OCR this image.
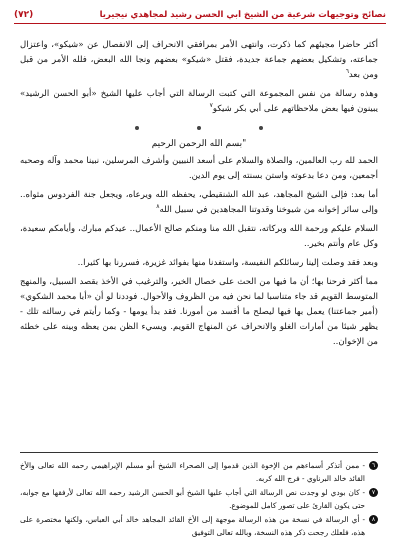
نصائح وتوجيهات شرعية من الشيخ أبي الحسن رشيد لمجاهدي نيجيريا
(٧٢)

أكثر حاضرا مجيئهم كما ذكرت، وانتهى الأمر بمرافقي الانحراف إلى الانفصال عن «شيكو»، واعتزال جماعته، وتشكيل بعضهم جماعة جديدة، فقتل «شيكو» بعضهم ونجا الله البعض، فلله الأمر من قبل ومن بعد٦

وهذه رسالة من نفس المجموعة التي كتبت الرسالة التي أجاب عليها الشيخ «أبو الحسن الرشيد» يبينون فيها بعض ملاحظاتهم على أبي بكر شيكو٧

"بسم الله الرحمن الرحيم

الحمد لله رب العالمين، والصلاة والسلام على أسعد النبيين وأشرف المرسلين، نبينا محمد وآله وصحبه أجمعين، ومن دعا بدعوته واستن بسنته إلى يوم الدين.

أما بعد: فإلى الشيخ المجاهد، عبد الله الشنقيطي، يحفظه الله ويرعاه، ويجعل جنة الفردوس مثواه.. وإلى سائر إخوانه من شيوخنا وقدوتنا المجاهدين في سبيل الله٨

السلام عليكم ورحمة الله وبركاته، نتقبل الله منا ومنكم صالح الأعمال.. عيدكم مبارك، وأيامكم سعيدة، وكل عام وأنتم بخير..

وبعد فقد وصلت إلينا رسائلكم النفيسة، واستفدنا منها بفوائد غزيرة، فسررنا بها كثيرا..

مما أكثر فرحنا بها؛ أن ما فيها من الحث على خصال الخير، والترغيب في الأخذ بقصد السبيل، والمنهج المتوسط القويم قد جاء متناسبا لما نحن فيه من الظروف والأحوال. فوددنا لو أن «أبا محمد الشكوي» (أمير جماعتنا) يعمل بها فيها ليصلح ما أفسد من أمورنا. فقد بدأ يومها - وكما رأيتم في رسالته تلك - يظهر شيئا من أمارات الغلو والانحراف عن المنهاج القويم. ويسيء الظن بمن يعظه وبينه على خطئه من الإخوان..

٦
- ممن أتذكر أسماءهم من الإخوة الذين قدموا إلى الصحراء الشيخ أبو مسلم الإبراهيمي رحمه الله تعالى والأخ القائد خالد البرناوي - فرج الله كربه.
٧
- كان بودي لو وجدت نص الرسالة التي أجاب عليها الشيخ أبو الحسن الرشيد رحمه الله تعالى لأرفقها مع جوابه، حتى يكون القارئ على تصور كامل للموضوع.
٨
- أي الرسالة في نسخة من هذه الرسالة موجهة إلى الأخ القائد المجاهد خالد أبي العباس، ولكنها مختصرة على هذه، فلعلك رجحت ذكر هذه النسخة، وبالله تعالى التوفيق
